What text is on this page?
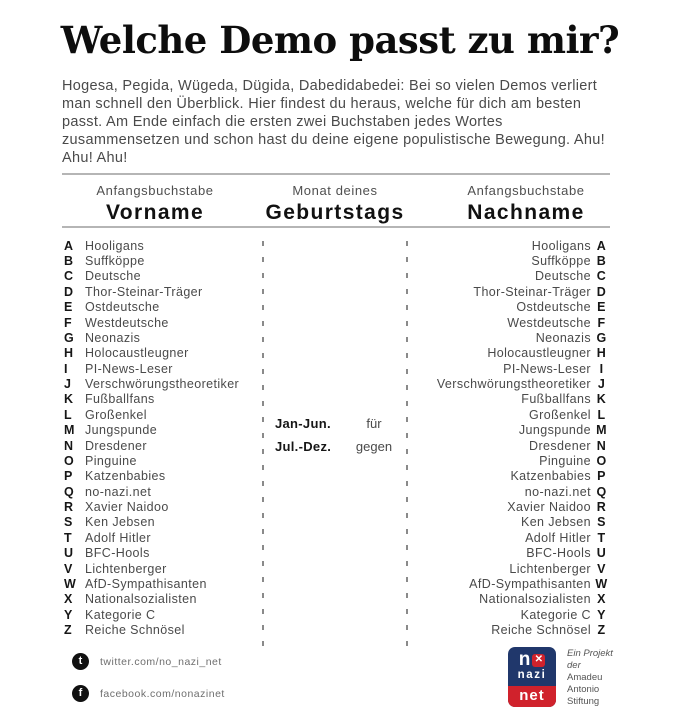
Welche Demo passt zu mir?

Hogesa, Pegida, Wügeda, Dügida, Dabedidabedei: Bei so vielen Demos verliert man schnell den Überblick. Hier findest du heraus, welche für dich am besten passt. Am Ende einfach die ersten zwei Buchstaben jedes Wortes zusammensetzen und schon hast du deine eigene populistische Bewegung. Ahu! Ahu! Ahu!

Anfangsbuchstabe
Vorname
Monat deines
Geburtstags
Anfangsbuchstabe
Nachname
A Hooligans
B Suffköppe
C Deutsche
D Thor-Steinar-Träger
E Ostdeutsche
F	Westdeutsche
G Neonazis
H Holocaustleugner
I	PI-News-Leser
J	Verschwörungstheoretiker
K Fußballfans
L	Großenkel
M Jungspunde
N Dresdener
O Pinguine
P Katzenbabies
Q no-nazi.net
R Xavier Naidoo
S Ken Jebsen
T	Adolf Hitler
U BFC-Hools
V Lichtenberger
W AfD-Sympathisanten
X Nationalsozialisten
Y Kategorie C
Z	Reiche Schnösel
Jan-Jun.	für
Jul.-Dez.	gegen
Hooligans A
Suffköppe B
Deutsche C
Thor-Steinar-Träger D
Ostdeutsche E
Westdeutsche F
Neonazis G
Holocaustleugner H
PI-News-Leser I
Verschwörungstheoretiker J
Fußballfans K
Großenkel L
Jungspunde M
Dresdener N
Pinguine O
Katzenbabies P
no-nazi.net Q
Xavier Naidoo R
Ken Jebsen S
Adolf Hitler T
BFC-Hools U
Lichtenberger V
AfD-Sympathisanten W
Nationalsozialisten X
Kategorie C Y
Reiche Schnösel Z
t	twitter.com/no_nazi_net
f	facebook.com/nonazinet
n ✕
nazi
net
Ein Projekt
der
Amadeu
Antonio
Stiftung
